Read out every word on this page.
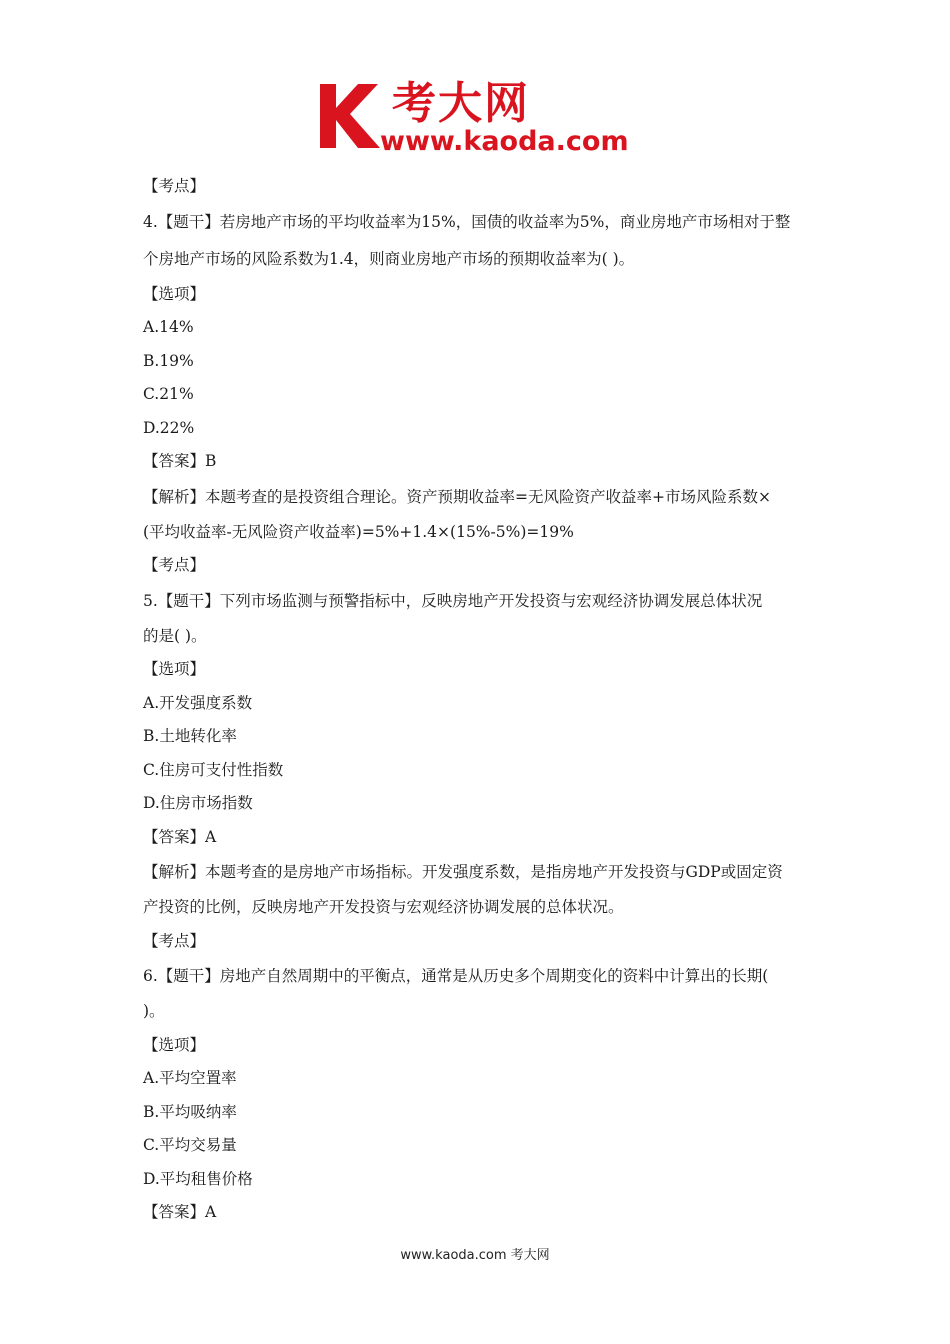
考大网
www.kaoda.com
【考点】
4.【题干】若房地产市场的平均收益率为15%，国债的收益率为5%，商业房地产市场相对于整
个房地产市场的风险系数为1.4，则商业房地产市场的预期收益率为( )。
【选项】
A.14%
B.19%
C.21%
D.22%
【答案】B
【解析】本题考查的是投资组合理论。资产预期收益率=无风险资产收益率+市场风险系数×
(平均收益率-无风险资产收益率)=5%+1.4×(15%-5%)=19%
【考点】
5.【题干】下列市场监测与预警指标中，反映房地产开发投资与宏观经济协调发展总体状况
的是( )。
【选项】
A.开发强度系数
B.土地转化率
C.住房可支付性指数
D.住房市场指数
【答案】A
【解析】本题考查的是房地产市场指标。开发强度系数，是指房地产开发投资与GDP或固定资
产投资的比例，反映房地产开发投资与宏观经济协调发展的总体状况。
【考点】
6.【题干】房地产自然周期中的平衡点，通常是从历史多个周期变化的资料中计算出的长期(
)。
【选项】
A.平均空置率
B.平均吸纳率
C.平均交易量
D.平均租售价格
【答案】A
www.kaoda.com 考大网
